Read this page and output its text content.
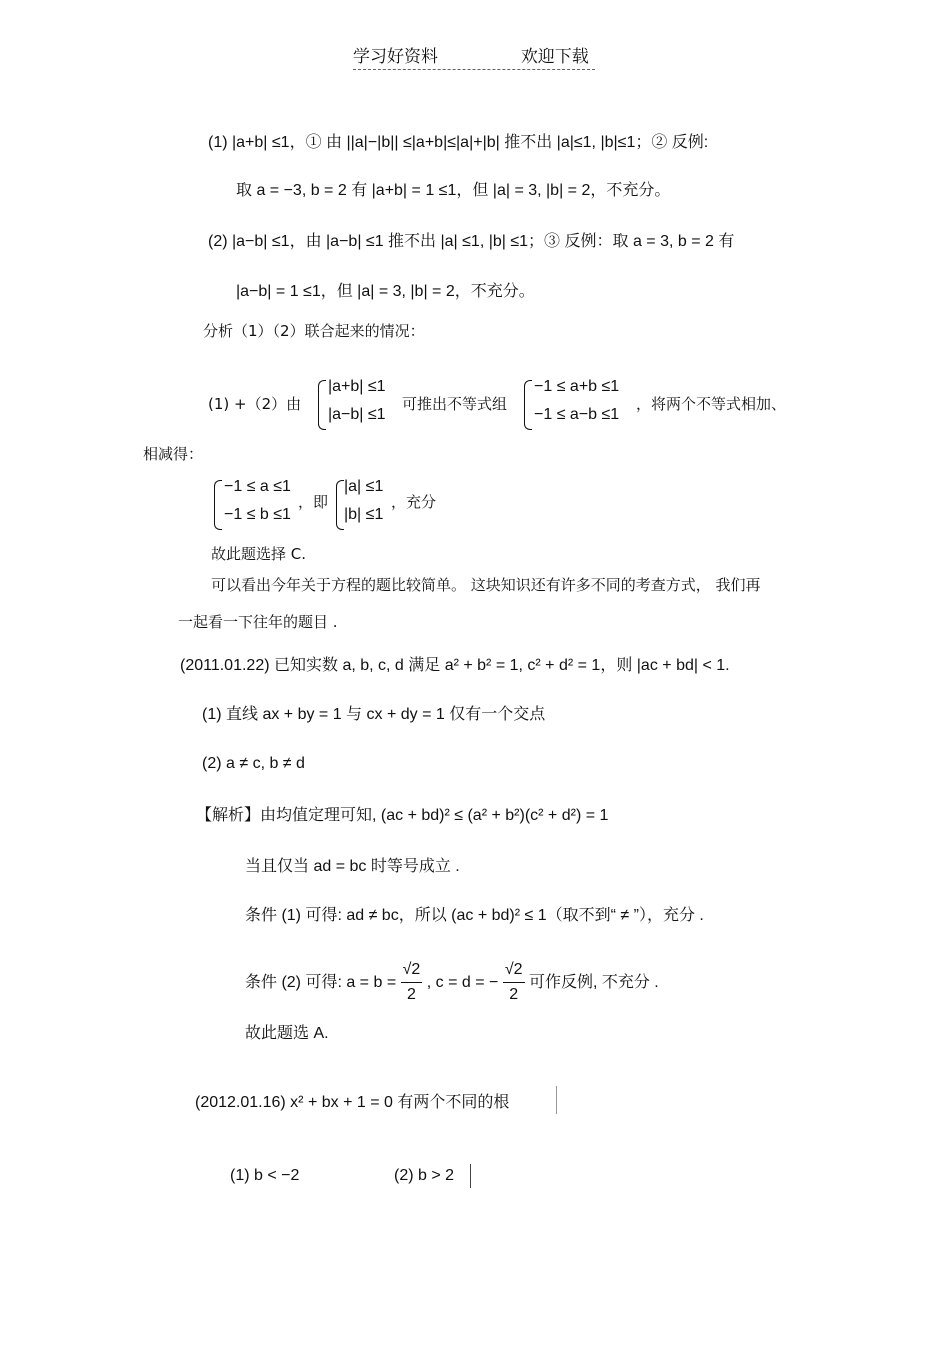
学习好资料	欢迎下载
(1) |a+b| ≤1，① 由 ||a|−|b|| ≤|a+b|≤|a|+|b| 推不出 |a|≤1, |b|≤1；② 反例:
取 a = −3, b = 2 有 |a+b| = 1 ≤1，但 |a| = 3, |b| = 2，不充分。
(2) |a−b| ≤1，由 |a−b| ≤1 推不出 |a| ≤1, |b| ≤1；③ 反例：取 a = 3, b = 2 有
|a−b| = 1 ≤1，但 |a| = 3, |b| = 2，不充分。
分析（1）（2）联合起来的情况：
(1) +（2）由
|a+b| ≤1
|a−b| ≤1
可推出不等式组
−1 ≤ a+b ≤1
−1 ≤ a−b ≤1
，将两个不等式相加、
相减得：
−1 ≤ a ≤1
−1 ≤ b ≤1
，即
|a| ≤1
|b| ≤1
，充分
故此题选择 C.
可以看出今年关于方程的题比较简单。 这块知识还有许多不同的考查方式， 我们再
一起看一下往年的题目 .
(2011.01.22) 已知实数 a, b, c, d 满足 a² + b² = 1, c² + d² = 1，则 |ac + bd| < 1.
(1) 直线 ax + by = 1 与 cx + dy = 1 仅有一个交点
(2) a ≠ c, b ≠ d
【解析】由均值定理可知, (ac + bd)² ≤ (a² + b²)(c² + d²) = 1
当且仅当 ad = bc 时等号成立 .
条件 (1) 可得: ad ≠ bc，所以 (ac + bd)² ≤ 1（取不到“ ≠ ”），充分 .
条件 (2) 可得: $a = b = \frac{√2}{2}$ , c = d = − $\frac{√2}{2}$ 可作反例, 不充分 .
故此题选 A.
(2012.01.16) x² + bx + 1 = 0 有两个不同的根
(1) b < −2	(2) b > 2
